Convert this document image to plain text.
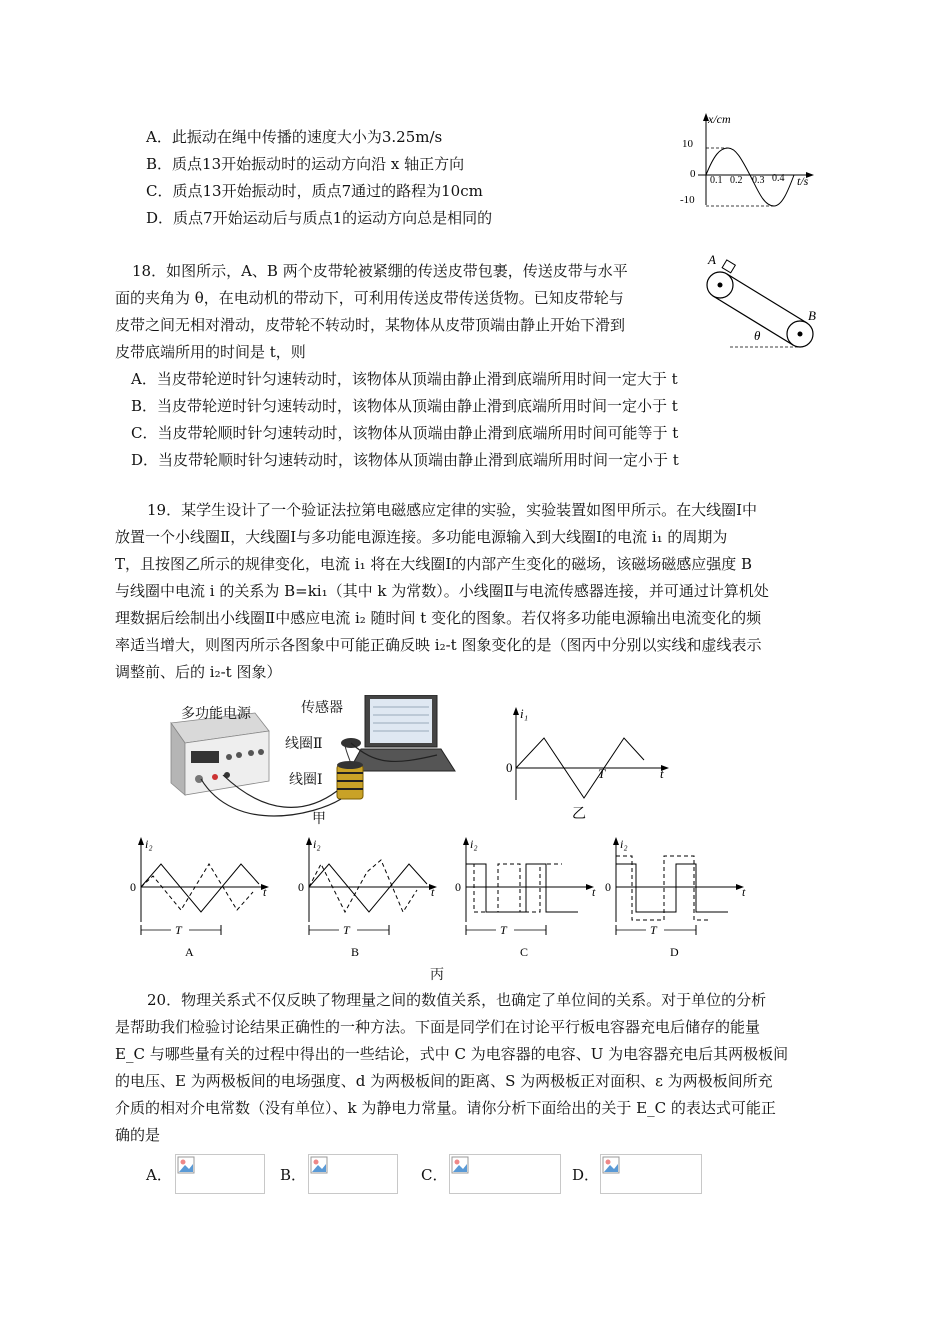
A．此振动在绳中传播的速度大小为3.25m/s
B．质点13开始振动时的运动方向沿 x 轴正方向
C．质点13开始振动时，质点7通过的路程为10cm
D．质点7开始运动后与质点1的运动方向总是相同的
x/cm
10
0
-10
0.1 0.2 0.3 0.4 t/s
18．如图所示，A、B 两个皮带轮被紧绷的传送皮带包裹，传送皮带与水平
面的夹角为 θ，在电动机的带动下，可利用传送皮带传送货物。已知皮带轮与
皮带之间无相对滑动，皮带轮不转动时，某物体从皮带顶端由静止开始下滑到
皮带底端所用的时间是 t，则
A．当皮带轮逆时针匀速转动时，该物体从顶端由静止滑到底端所用时间一定大于 t
B．当皮带轮逆时针匀速转动时，该物体从顶端由静止滑到底端所用时间一定小于 t
C．当皮带轮顺时针匀速转动时，该物体从顶端由静止滑到底端所用时间可能等于 t
D．当皮带轮顺时针匀速转动时，该物体从顶端由静止滑到底端所用时间一定小于 t
A
B
θ
19．某学生设计了一个验证法拉第电磁感应定律的实验，实验装置如图甲所示。在大线圈Ⅰ中
放置一个小线圈Ⅱ，大线圈Ⅰ与多功能电源连接。多功能电源输入到大线圈Ⅰ的电流 i₁ 的周期为
T，且按图乙所示的规律变化，电流 i₁ 将在大线圈Ⅰ的内部产生变化的磁场，该磁场磁感应强度 B
与线圈中电流 i 的关系为 B=ki₁（其中 k 为常数）。小线圈Ⅱ与电流传感器连接，并可通过计算机处
理数据后绘制出小线圈Ⅱ中感应电流 i₂ 随时间 t 变化的图象。若仅将多功能电源输出电流变化的频
率适当增大，则图丙所示各图象中可能正确反映 i₂-t 图象变化的是（图丙中分别以实线和虚线表示
调整前、后的 i₂-t 图象）
多功能电源	传感器
线圈Ⅱ
线圈Ⅰ
甲
i₁
0	t
T
乙
i₂
0	t
T
A
i₂
0	t
T
B
i₂
0	t
T
C
i₂
0	t
T
D
丙
20．物理关系式不仅反映了物理量之间的数值关系，也确定了单位间的关系。对于单位的分析
是帮助我们检验讨论结果正确性的一种方法。下面是同学们在讨论平行板电容器充电后储存的能量
E_C 与哪些量有关的过程中得出的一些结论，式中 C 为电容器的电容、U 为电容器充电后其两极板间
的电压、E 为两极板间的电场强度、d 为两极板间的距离、S 为两极板正对面积、ε 为两极板间所充
介质的相对介电常数（没有单位）、k 为静电力常量。请你分析下面给出的关于 E_C 的表达式可能正
确的是
A．	B．	C．	D．
